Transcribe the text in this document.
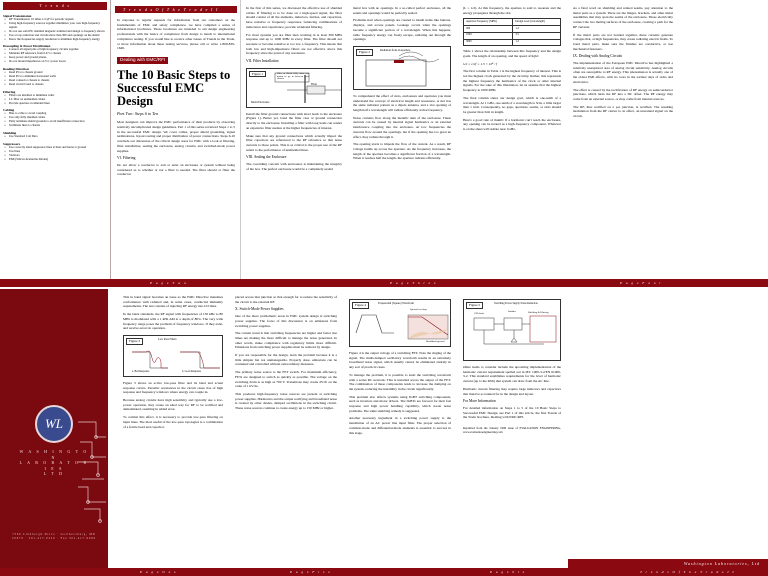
T r e n d s
Signal Transmission
□ RF Transmission: 10 times 1/2 pF for periodic signals
□ Using high-frequency sources together minimizes your own high-frequency signals
□ Do not use solid EU shielded magnetic terminal and design to frequency shown
□ Use a loop reduction and circuits more than 300 and openings on the shield
□ Know the frequencies supply resolution to minimize high-frequency energy
Decoupling & Power Distribution
□ Connect all signal pins of high frequency circuits together
□ Maintain RF reference from 0.47 to chassis
□ Keep power and ground planes
□ Do not mount impedances on Vcc power traces
Reading Direction
□ Read PCs to chassis ground
□ Read PCs to minimize horizontal walls
□ Read connector chassis to chassis
□ Read circuit board to chassis
Filtering
□ Filters are installed to minimize walls
□ LC filter on unshielded cables
□ Provide aperture on shielded lines
Cabling
□ Bias to cable to avoid coupling
□ Use only fully shielded cables
□ Fully terminate shield grounds to avoid insufficient connection
□ Terminate lines to chassis
Shielding
□ Use Standard Coil Data
Suppressors
□ Use correctly sized suppressor lines at lines and burns to ground
□ Use lines
□ Varistors
□ EMI (Silicon Avalanche Diodes)
T r e n d s O f T h e T r a d e I I

In response to regular requests for information from our customers on the fundamentals of EMC and safety compliance, we have compiled a series of informational brochures. These brochures are intended to aid design engineering professionals with the basics of compliance from design to bench to international compliance testing. If you would like to receive other issues of Trends in the Trade, or more information about these testing services, please call or write 1-800-839-1649.

Dealing with EMC/RFI
The 10 Basic Steps to Successful EMC Design
Part Two: Steps 6 to Ten

Most designers can improve the EMC performance of their products by observing relatively uncomplicated design guidelines. Part 1 of this series reviewed Steps 1 to 5 in the successful EMC design. We cover cables, proper shield grounding, signal terminations, layout routing and proper distribution of power connections. Steps 6-10 conclude our discussion of the critical design areas for EMC with a look at filtering, filter installation, sealing the enclosure, analog circuits, and switched-mode power supplies.

VI. Filtering

Do not allow a conductor to exit or enter an enclosure or system without being considered as to whether or not a filter is needed. The filter should or filter the conductor.

In the first of this series, we discussed the effective use of shielded cables. If filtering is to be done on a high-speed signal, the filter should consist of all the elements, inductors, ferrites, and capacitors, have resistive or frequency responses, balancing combinations of inductance and capacitance, provide wideband filtering.

For most systems you are filter then working in at least 300 MHz response and up to 1000 MHz in every filter. The filter should not resonate or become resistive at too low a frequency. This means that both low and high-impedance filters are not effective above this frequency since the point of any resonance.

VII. Filter Installation
Figure 1	Filter in Shield Wall, show you mount to go in between each chassis
Filter
Metal Enclosure

Install the filter ground connections with short leads to the enclosure (Figure 1). Better yet, bond the filter case or ground connection directly to the enclosure. Installing a filter with long leads can render an expensive filter useless at the higher frequencies of interest.

Make sure that any ground connections which actually impact the filter capacitors are referenced to the RF reference so that noise currents to those points. This is as critical to the proper use of the RF return to the performance of unshielded lines.

VIII. Sealing the Enclosure

The overriding concern with enclosures is maintaining the integrity of the box. The perfect enclosure would be a completely sealed

metal box with no openings. In a so-called perfect enclosure, all the seams and openings would be perfectly sealed.

Problems start when openings are created to install items like buttons, displays, and access panels. Leakage occurs when the openings become a significant portion of a wavelength. When this happens, radio frequency energy can freely escape, radiating out through the openings.

Figure 2	Radiation from an aperture

To comprehend the effect of slots, enclosures and apertures you must understand the concept of electrical length and resonance. A slot has the same radiation pattern as a dipole antenna, and a slot opening of length half a wavelength will radiate efficiently at that frequency.

Noise currents flow along the metallic skin of the enclosure. These currents can be caused by internal signal harmonics or an external interference coupling into the enclosure. At low frequencies the currents flow around the openings, but if the opening has too great an effect, they radiate through it.

The opening starts to impede the flow of the current. As a result, RF voltage builds up across the aperture. As the frequency increases, the length of the aperture becomes a significant fraction of a wavelength. When it reaches half the length, the aperture radiates efficiently.

(L = λ/2). At this frequency, the aperture is said to resonate and the energy propagates through the slot.

Aperture Frequency (MHz)	Design Goal (wavelength)
300	1.2
1000	3.5
3000	1.2

Table 1 shows the relationship between this frequency and the design goals. The length of an opening, and the speed of light:

λ/2 = c/2f = 1.5 × 10⁸ / f

The first column in Table 1 is the highest frequency of interest. This is not the highest clock generated by the circuitry. Rather, this represents the highest frequency the harmonics of the clock or other internal signals. For the sake of this illustration, let us assume that the highest frequency is 1000 MHz.

The final column states our design goal, which is one-tenth of a wavelength. At 1 GHz, one-tenth of a wavelength is 3cm, a little larger than 1 inch. Consequently, no gaps, apertures, seams, or slots should be greater than 3cm in length.

Here's a good rule of thumb: If a harmonic can't reach the enclosure, any opening can be treated as a high-frequency component. Whatever is on the sheet will radiate near 1GHz.

As a final word on shielding and related seams, pay attention to the metal parts as a system. There are the hinges, brackets, and other metal assemblies that may span the seams of the enclosure. These electrically connect the two mating surfaces of the enclosure, creating a path for the RF currents.

If the metal parts are not bonded together, these currents generate voltages that, at high frequencies, may create radiating electric fields. To bond metal parts, make sure the finishes are conductive, or use mechanical fasteners.

IX. Dealing with Analog Circuits

The implementation of the European EMC Directive has highlighted a relatively unexplored area of analog circuit sensitivity. Analog circuits often are susceptible to RF energy. This phenomenon is actually one of the oldest EMI effects, with its roots in the earliest days of radio and electronics.

The effect is caused by the rectification of RF energy on semiconductor junctions, which turns the RF into a DC offset. The RF energy may come from an external source, or may come from internal sources.

The RF, thus rectified on a p-n junction, is rectified. The resulting modulation from the RF carrier is, in effect, an unwanted signal on the circuit.

P a g e T w o	P a g e T h r e e	P a g e F o u r
WL
W A S H I N G T O N
L A B O R A T O R I E S
L T D
7560 Lindbergh Drive · Gaithersburg, MD 20879 · 301-417-0220 · Fax 301-417-9069

This in band signal becomes an issue as the EMC Directive mandates conformance with radiated and, in some cases, conducted immunity requirements. The test consists of injecting RF energy into I/O lines.

In the latest standards, the RF signal with frequencies of 150 kHz to 80 MHz is modulated with a 1 kHz AM at a depth of 80%. The very wide frequency range poses the problem of frequency windows. If they exist, and receive errors in operation.

Figure 3	Low Pass Filters
a. Bad Response	b. Good Response

Figure 3 shows an active low-pass filter and its ideal and actual response curves. Parasitic resonances in the circuit cause rise of high response and frequency windows where energy can couple in.

Because analog circuits have high sensitivity and typically use a low-power operation, they create an ideal way for RF to be rectified and demodulated, resulting in added error.

To combat this effect, it is necessary to provide low-pass filtering on input lines. The most useful of the low-pass topologies is a combination of a ferrite bead and capacitor.

placed across that junction so that enough for to reduce the sensitivity of the circuit to the external RF.

X. Switch-Mode Power Supplies

One of the more problematic areas in EMC system design is switching power supplies. The focus of this discussion is on emissions from switching power supplies.

The current trend is that switching frequencies are higher and faster rise times are making the more difficult to manage the noise generated. In other words, make compliance with regulatory limits more difficult. Emissions from switching power supplies must be reduced by design.

If you are responsible for the design, learn the problem because it is a little simpler but not unmanageable. Properly done, emissions can be contained and controlled without extraordinary measures.

The primary noise source is the FET switch. For maximum efficiency, FETs are designed to switch as quickly as possible. The voltage on the switching drain is as high as 700 V. Transitions may create dV/dt on the order of 1 kV/ns.

This produces high-frequency noise sources are present at switching power supplies. Harmonics and the output rectifying and broadband noise is created by other diodes, damped oscillations in the switching circuit. These noise sources continue to create energy up to 150 MHz or higher.

Figure 4	Trapezoidal (Square) Waveform
Spectral envelope
Broadband spectral

Figure 4 is the output voltage of a switching FET. Note the ringing of the signal. The multi-damped oscillatory waveform results in an extremely broadband noise signal, which usually cannot be eliminated entirely in any sort of practical cases.

To manage the problem, it is possible to snub the switching waveform with a series RC network. This is installed across the output of the FET. The combination of these components tends to increase the damping on the system, reducing the instability in the circuit significantly.

This problem also affects systems using IGBT switching components, such as inverters and motor drivers. The IGBTs are favored for their fast response and high power handling capability, which create noise problems. The same snubbing remedy is suggested.

Another necessary ingredient in a switching power supply is the installation of an AC power line input filter. The proper selection of common-mode and differential-mode elements is essential to success in this stage.

Figure 5	Switching Power Supply Noise Reduction
Snubber	Shielding & Filtering
CM choke

Other items to consider include the upcoming implementation of the harmonic current requirement spelled out in IEC 1000-3-2/EN 61000-3-2. This standard establishes requirements for the level of harmonic current (up to the 40th) that system can draw from the AC line.

Harmonic current filtering may require large inductors and capacitors that must be accounted for in the design and layout.

For More Information

For detailed information on Steps 1 to 5 of the 10 Basic Steps to Successful EMC Design, see Part 1 of this article, the first Trends of the Trade brochure, Dealing with EMC/RFI.

Reprinted from the January 1996 issue of EVALUATION ENGINEERING, www.evaluationengineering.com
Washington Laboratories, Ltd
P a g e O n e	P a g e F i v e	P a g e S i x	T r e n d s O f T h e T r a d e I I
